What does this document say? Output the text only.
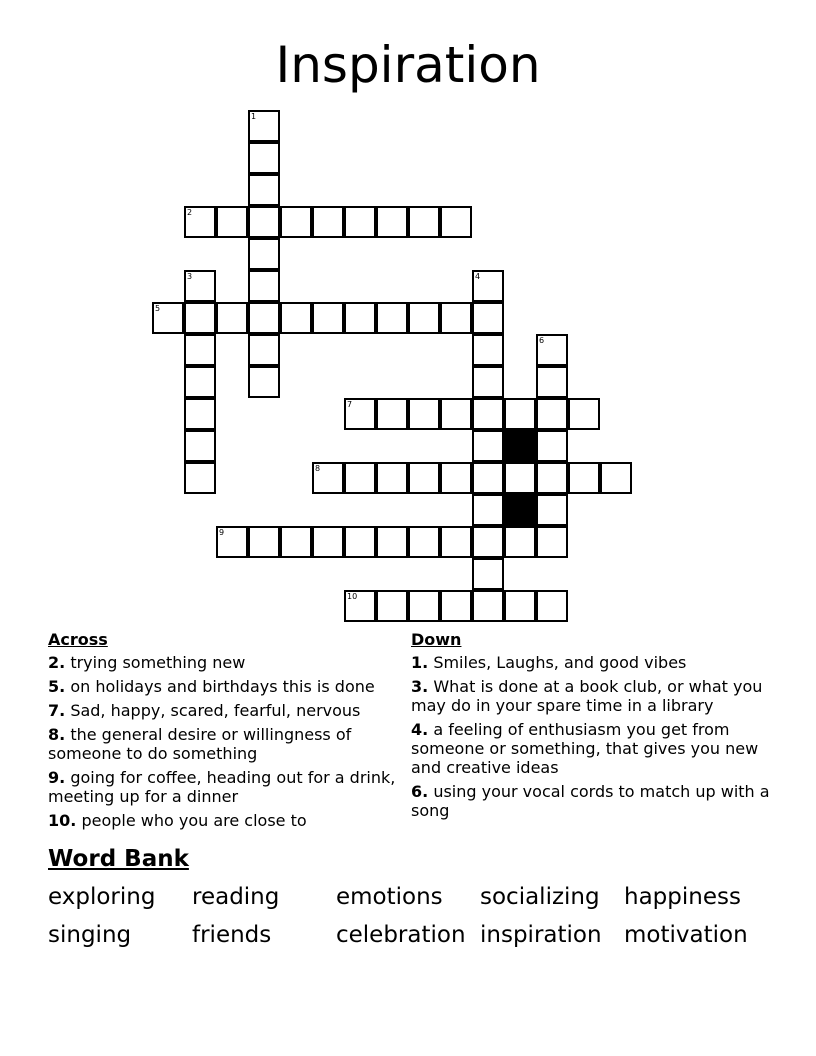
Inspiration
2
5
7
8
9
10
1
3	4
6
Across
2. trying something new
5. on holidays and birthdays this is done
7. Sad, happy, scared, fearful, nervous
8. the general desire or willingness of someone to do something
9. going for coffee, heading out for a drink, meeting up for a dinner
10. people who you are close to
Down
1. Smiles, Laughs, and good vibes
3. What is done at a book club, or what you may do in your spare time in a library
4. a feeling of enthusiasm you get from someone or something, that gives you new and creative ideas
6. using your vocal cords to match up with a song
Word Bank
exploring	reading	emotions	socializing	happiness
singing	friends	celebration inspiration motivation
